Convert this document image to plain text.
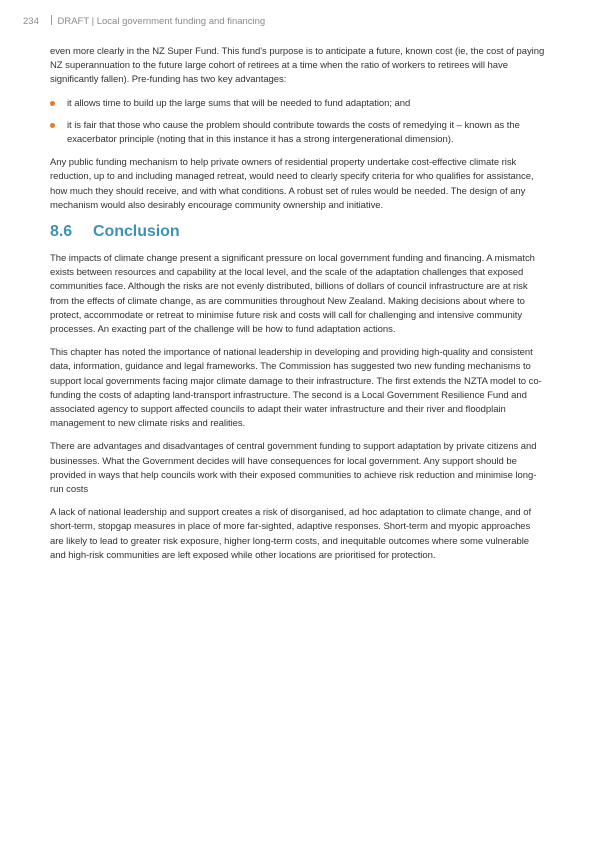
234 DRAFT | Local government funding and financing

even more clearly in the NZ Super Fund. This fund’s purpose is to anticipate a future, known cost (ie, the cost of paying NZ superannuation to the future large cohort of retirees at a time when the ratio of workers to retirees will have significantly fallen). Pre-funding has two key advantages:

it allows time to build up the large sums that will be needed to fund adaptation; and
it is fair that those who cause the problem should contribute towards the costs of remedying it – known as the exacerbator principle (noting that in this instance it has a strong intergenerational dimension).

Any public funding mechanism to help private owners of residential property undertake cost-effective climate risk reduction, up to and including managed retreat, would need to clearly specify criteria for who qualifies for assistance, how much they should receive, and with what conditions. A robust set of rules would be needed. The design of any mechanism would also desirably encourage community ownership and initiative.

8.6 Conclusion

The impacts of climate change present a significant pressure on local government funding and financing. A mismatch exists between resources and capability at the local level, and the scale of the adaptation challenges that exposed communities face. Although the risks are not evenly distributed, billions of dollars of council infrastructure are at risk from the effects of climate change, as are communities throughout New Zealand. Making decisions about where to protect, accommodate or retreat to minimise future risk and costs will call for challenging and intensive community processes. An exacting part of the challenge will be how to fund adaptation actions.

This chapter has noted the importance of national leadership in developing and providing high-quality and consistent data, information, guidance and legal frameworks. The Commission has suggested two new funding mechanisms to support local governments facing major climate damage to their infrastructure. The first extends the NZTA model to co-funding the costs of adapting land-transport infrastructure. The second is a Local Government Resilience Fund and associated agency to support affected councils to adapt their water infrastructure and their river and floodplain management to new climate risks and realities.

There are advantages and disadvantages of central government funding to support adaptation by private citizens and businesses. What the Government decides will have consequences for local government. Any support should be provided in ways that help councils work with their exposed communities to achieve risk reduction and minimise long-run costs

A lack of national leadership and support creates a risk of disorganised, ad hoc adaptation to climate change, and of short-term, stopgap measures in place of more far-sighted, adaptive responses. Short-term and myopic approaches are likely to lead to greater risk exposure, higher long-term costs, and inequitable outcomes where some vulnerable and high-risk communities are left exposed while other locations are prioritised for protection.
